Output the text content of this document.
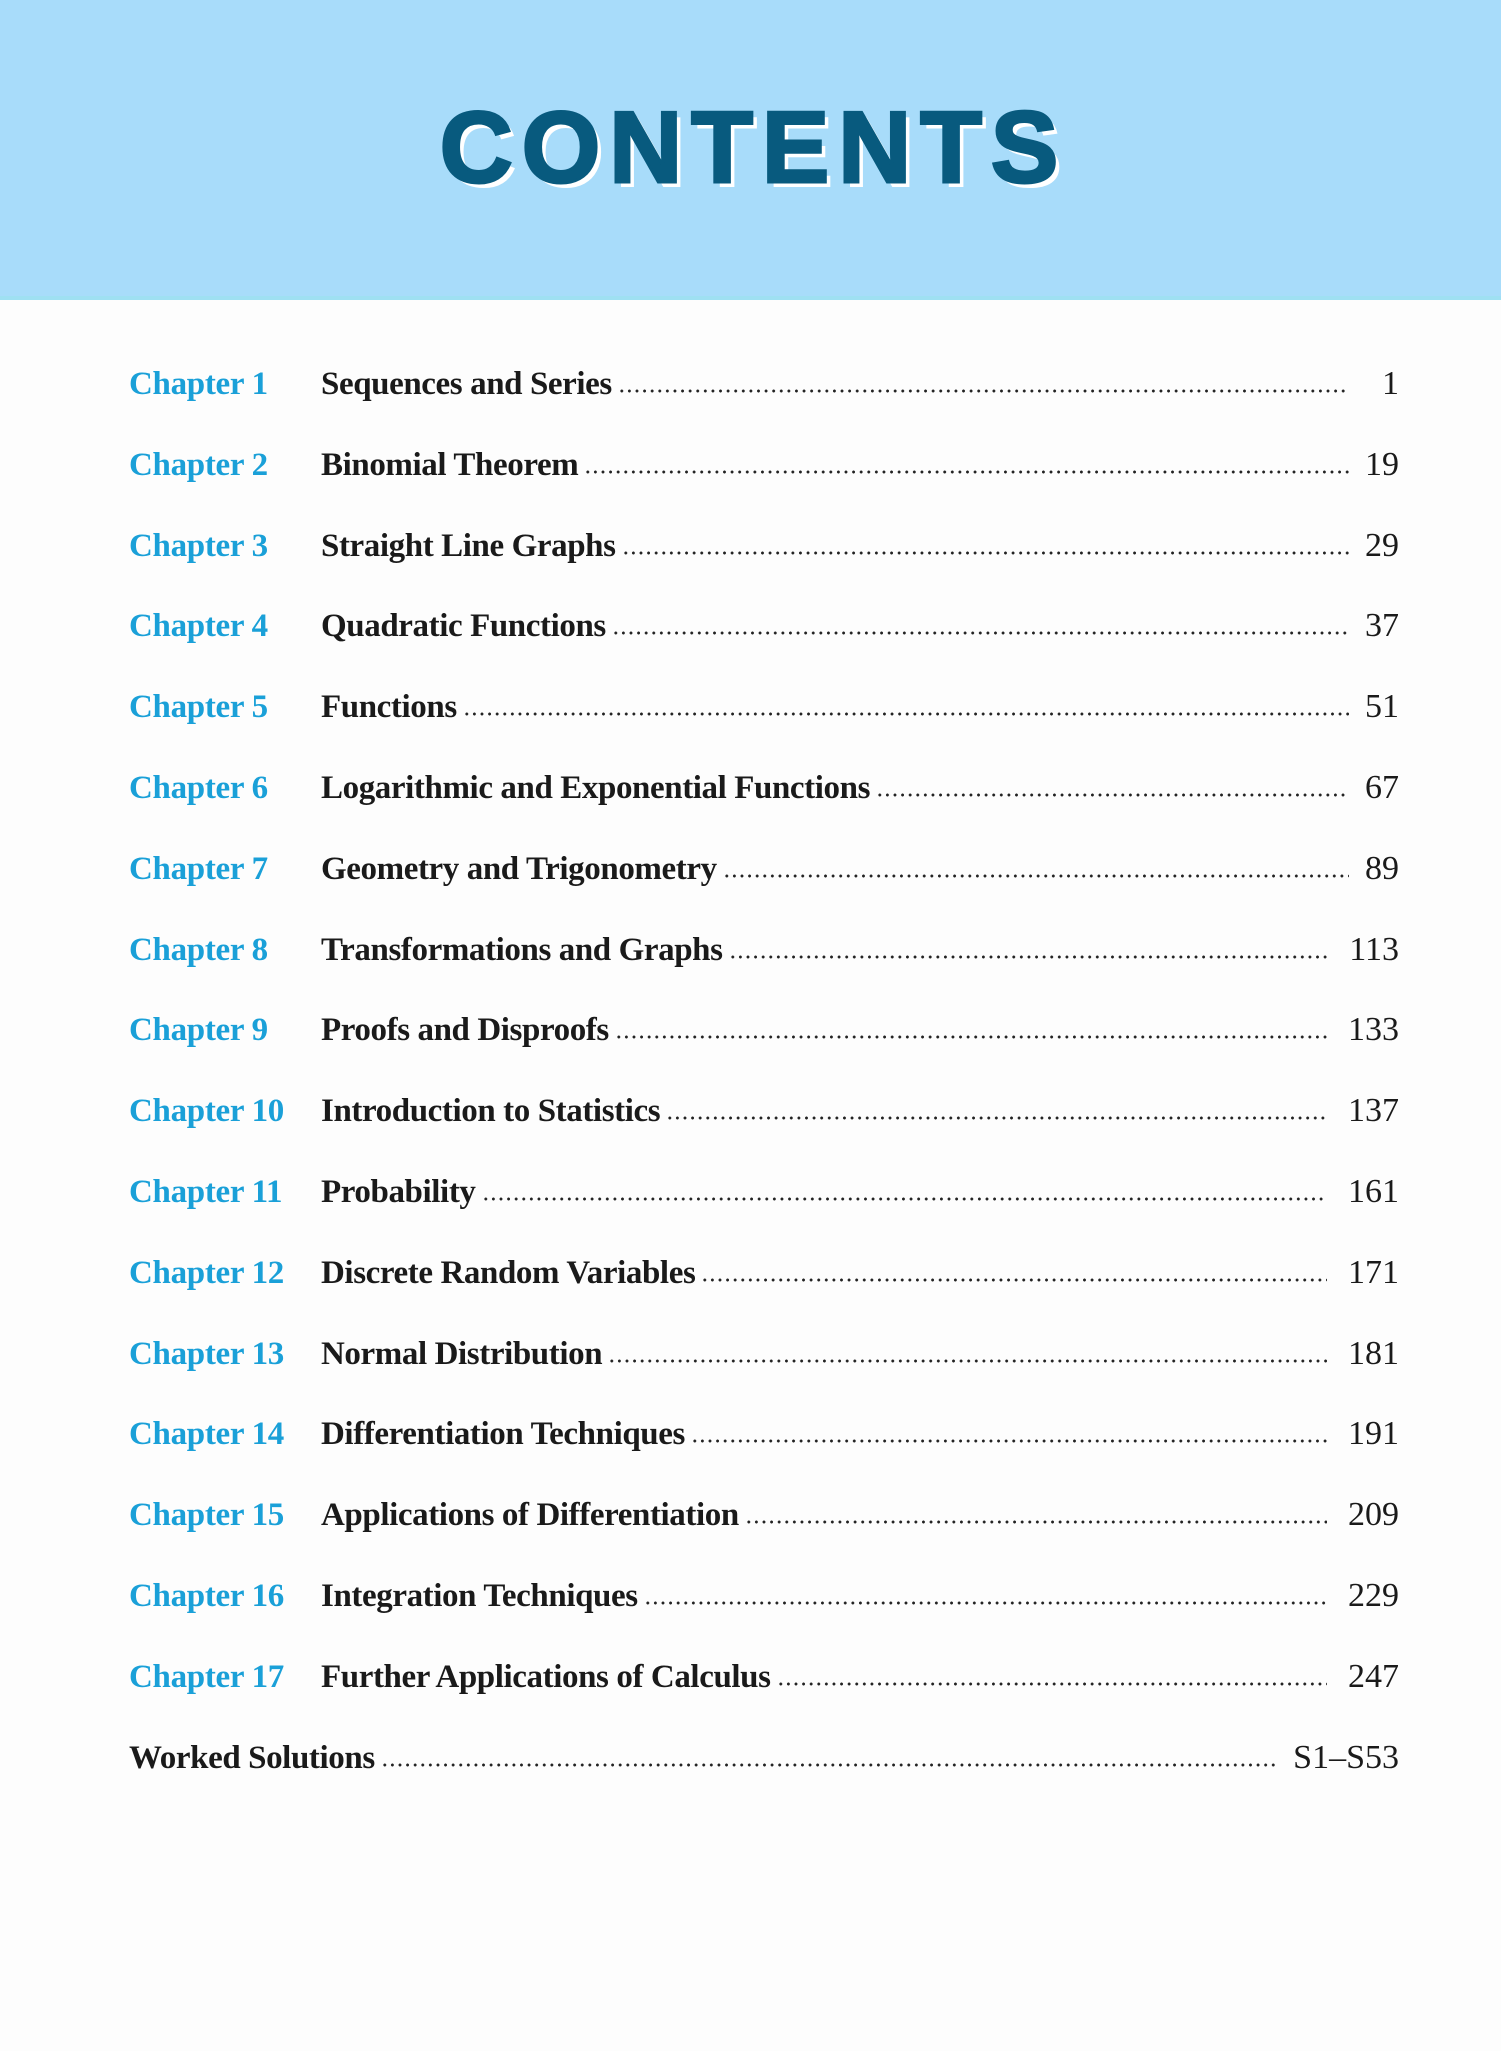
CONTENTS
Chapter 1	Sequences and Series	1
Chapter 2	Binomial Theorem	19
Chapter 3	Straight Line Graphs	29
Chapter 4	Quadratic Functions	37
Chapter 5	Functions	51
Chapter 6	Logarithmic and Exponential Functions	67
Chapter 7	Geometry and Trigonometry	89
Chapter 8	Transformations and Graphs	113
Chapter 9	Proofs and Disproofs	133
Chapter 10	Introduction to Statistics	137
Chapter 11	Probability	161
Chapter 12	Discrete Random Variables	171
Chapter 13	Normal Distribution	181
Chapter 14	Differentiation Techniques	191
Chapter 15	Applications of Differentiation	209
Chapter 16	Integration Techniques	229
Chapter 17	Further Applications of Calculus	247
Worked Solutions	S1–S53
